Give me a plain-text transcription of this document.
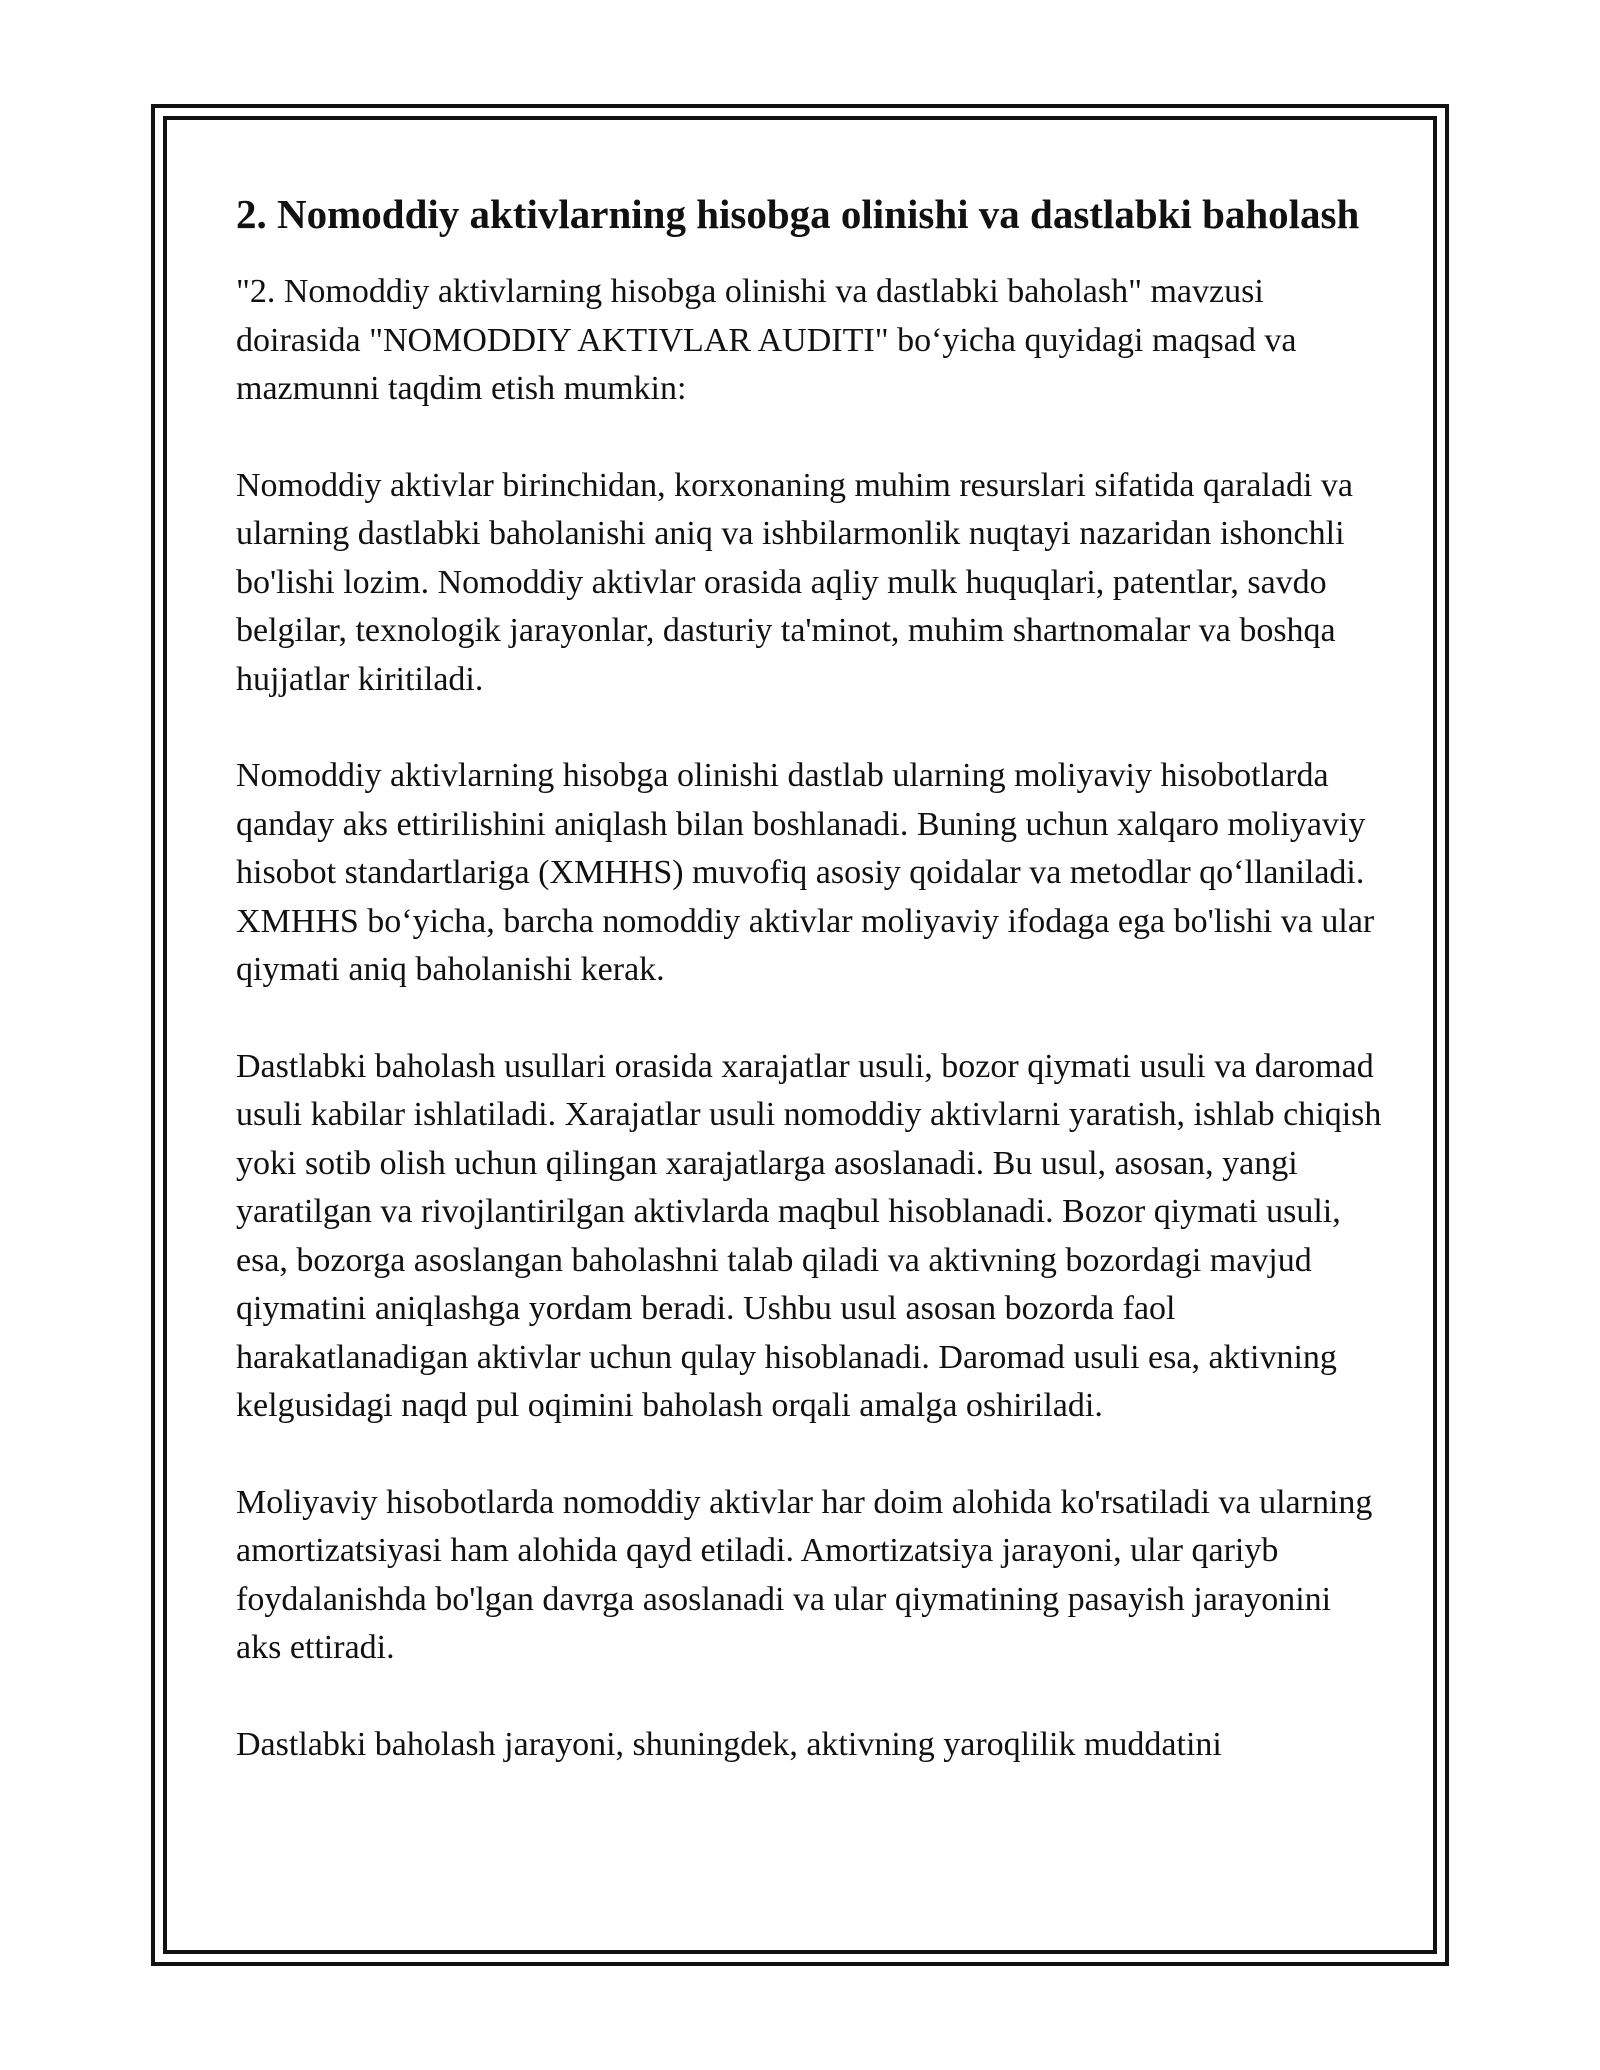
2. Nomoddiy aktivlarning hisobga olinishi va dastlabki baholash

"2. Nomoddiy aktivlarning hisobga olinishi va dastlabki baholash" mavzusi doirasida "NOMODDIY AKTIVLAR AUDITI" bo‘yicha quyidagi maqsad va mazmunni taqdim etish mumkin:

Nomoddiy aktivlar birinchidan, korxonaning muhim resurslari sifatida qaraladi va ularning dastlabki baholanishi aniq va ishbilarmonlik nuqtayi nazaridan ishonchli bo'lishi lozim. Nomoddiy aktivlar orasida aqliy mulk huquqlari, patentlar, savdo belgilar, texnologik jarayonlar, dasturiy ta'minot, muhim shartnomalar va boshqa hujjatlar kiritiladi.

Nomoddiy aktivlarning hisobga olinishi dastlab ularning moliyaviy hisobotlarda qanday aks ettirilishini aniqlash bilan boshlanadi. Buning uchun xalqaro moliyaviy hisobot standartlariga (XMHHS) muvofiq asosiy qoidalar va metodlar qo‘llaniladi. XMHHS bo‘yicha, barcha nomoddiy aktivlar moliyaviy ifodaga ega bo'lishi va ular qiymati aniq baholanishi kerak.

Dastlabki baholash usullari orasida xarajatlar usuli, bozor qiymati usuli va daromad usuli kabilar ishlatiladi. Xarajatlar usuli nomoddiy aktivlarni yaratish, ishlab chiqish yoki sotib olish uchun qilingan xarajatlarga asoslanadi. Bu usul, asosan, yangi yaratilgan va rivojlantirilgan aktivlarda maqbul hisoblanadi. Bozor qiymati usuli, esa, bozorga asoslangan baholashni talab qiladi va aktivning bozordagi mavjud qiymatini aniqlashga yordam beradi. Ushbu usul asosan bozorda faol harakatlanadigan aktivlar uchun qulay hisoblanadi. Daromad usuli esa, aktivning kelgusidagi naqd pul oqimini baholash orqali amalga oshiriladi.

Moliyaviy hisobotlarda nomoddiy aktivlar har doim alohida ko'rsatiladi va ularning amortizatsiyasi ham alohida qayd etiladi. Amortizatsiya jarayoni, ular qariyb foydalanishda bo'lgan davrga asoslanadi va ular qiymatining pasayish jarayonini aks ettiradi.

Dastlabki baholash jarayoni, shuningdek, aktivning yaroqlilik muddatini
